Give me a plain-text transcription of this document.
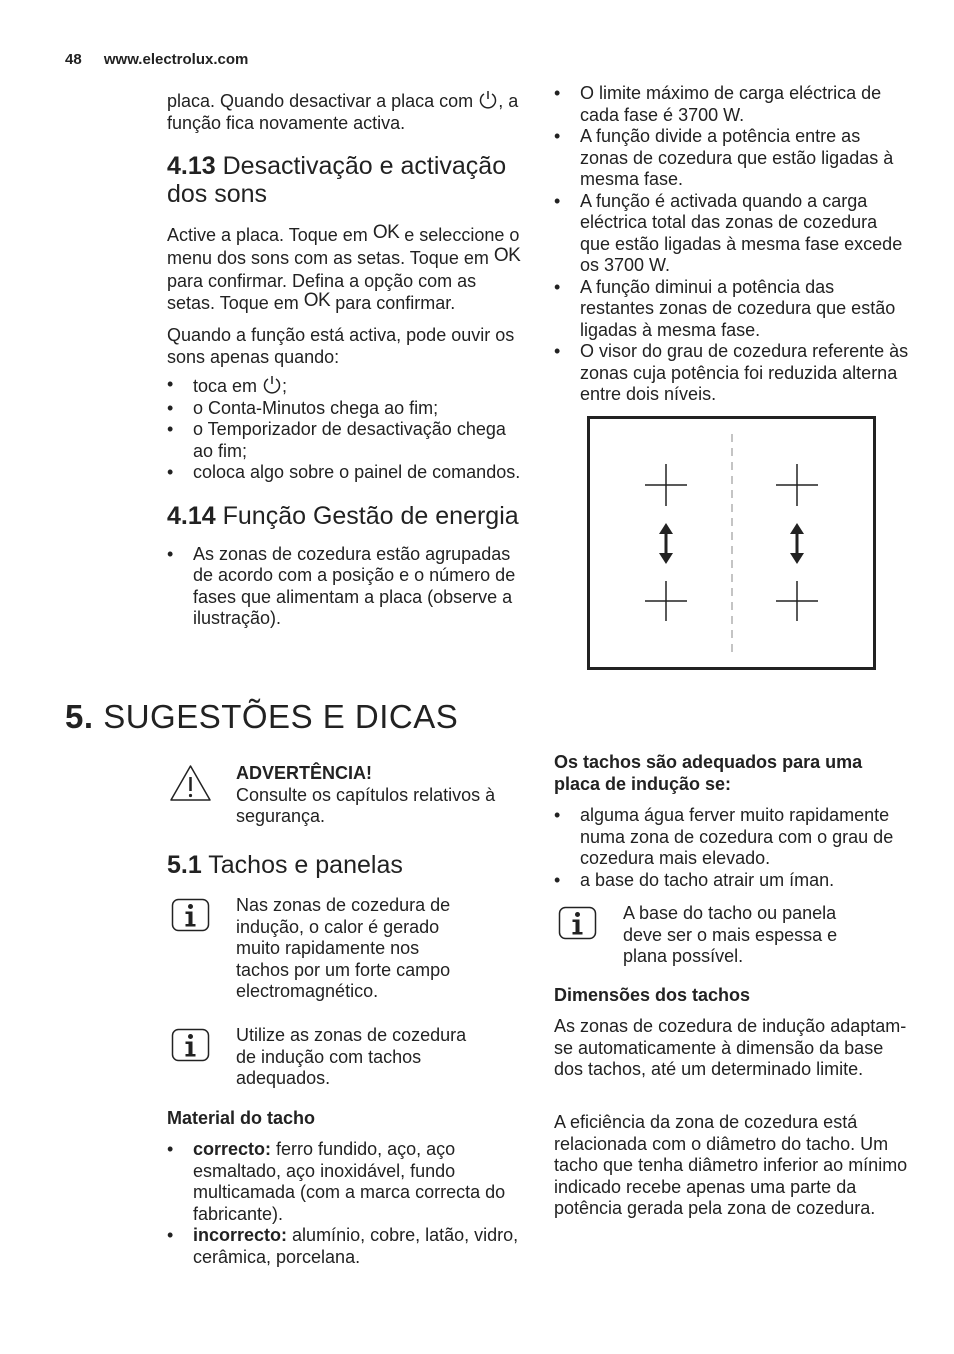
48 www.electrolux.com

placa. Quando desactivar a placa com , a função fica novamente activa.

4.13 Desactivação e activação dos sons

Active a placa. Toque em OK e seleccione o menu dos sons com as setas. Toque em OK para confirmar. Defina a opção com as setas. Toque em OK para confirmar.

Quando a função está activa, pode ouvir os sons apenas quando:

• toca em ;
• o Conta-Minutos chega ao fim;
• o Temporizador de desactivação chega ao fim;
• coloca algo sobre o painel de comandos.
4.14 Função Gestão de energia
• As zonas de cozedura estão agrupadas de acordo com a posição e o número de fases que alimentam a placa (observe a ilustração).
• O limite máximo de carga eléctrica de cada fase é 3700 W.
• A função divide a potência entre as zonas de cozedura que estão ligadas à mesma fase.
• A função é activada quando a carga eléctrica total das zonas de cozedura que estão ligadas à mesma fase excede os 3700 W.
• A função diminui a potência das restantes zonas de cozedura que estão ligadas à mesma fase.
• O visor do grau de cozedura referente às zonas cuja potência foi reduzida alterna entre dois níveis.
5. SUGESTÕES E DICAS
ADVERTÊNCIA!
Consulte os capítulos relativos à segurança.
5.1 Tachos e panelas
Nas zonas de cozedura de indução, o calor é gerado muito rapidamente nos tachos por um forte campo electromagnético.
Utilize as zonas de cozedura de indução com tachos adequados.
Material do tacho
• correcto: ferro fundido, aço, aço esmaltado, aço inoxidável, fundo multicamada (com a marca correcta do fabricante).
• incorrecto: alumínio, cobre, latão, vidro, cerâmica, porcelana.
Os tachos são adequados para uma placa de indução se:
• alguma água ferver muito rapidamente numa zona de cozedura com o grau de cozedura mais elevado.
• a base do tacho atrair um íman.
A base do tacho ou panela deve ser o mais espessa e plana possível.
Dimensões dos tachos
As zonas de cozedura de indução adaptam-se automaticamente à dimensão da base dos tachos, até um determinado limite.
A eficiência da zona de cozedura está relacionada com o diâmetro do tacho. Um tacho que tenha diâmetro inferior ao mínimo indicado recebe apenas uma parte da potência gerada pela zona de cozedura.
